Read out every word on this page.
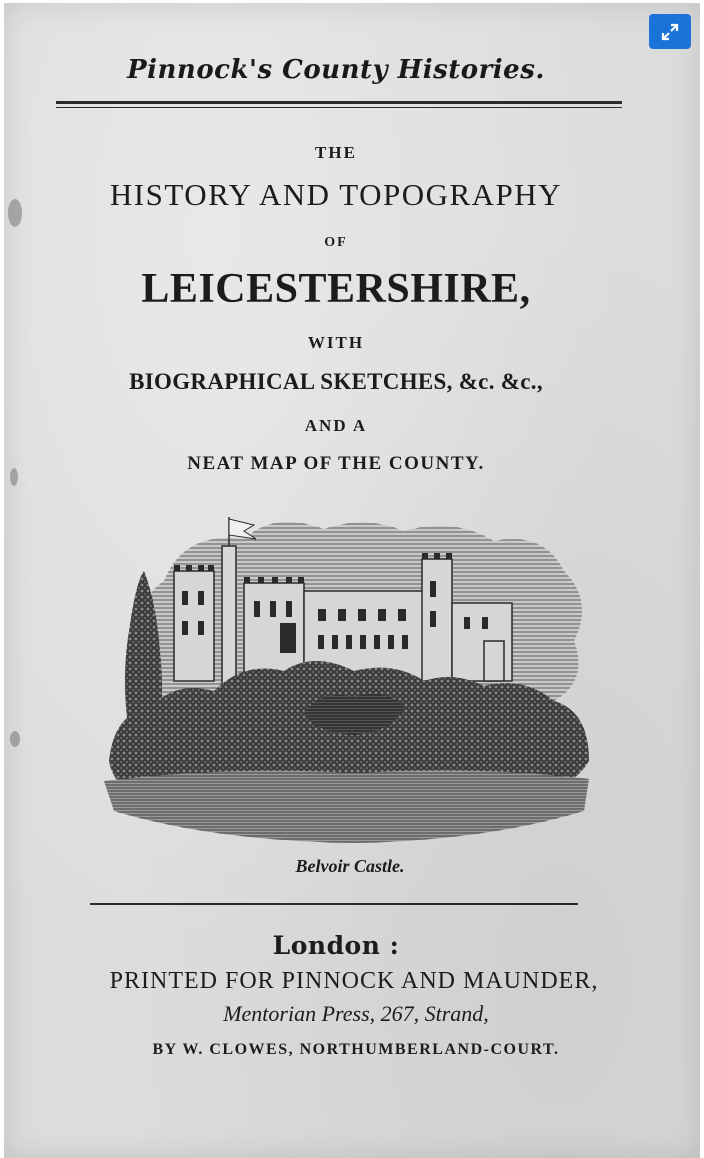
Pinnock's County Histories.
THE
HISTORY AND TOPOGRAPHY
OF
LEICESTERSHIRE,
WITH
BIOGRAPHICAL SKETCHES, &c. &c.,
AND A
NEAT MAP OF THE COUNTY.
Belvoir Castle.
London :
PRINTED FOR PINNOCK AND MAUNDER,
Mentorian Press, 267, Strand,
BY W. CLOWES, NORTHUMBERLAND-COURT.
